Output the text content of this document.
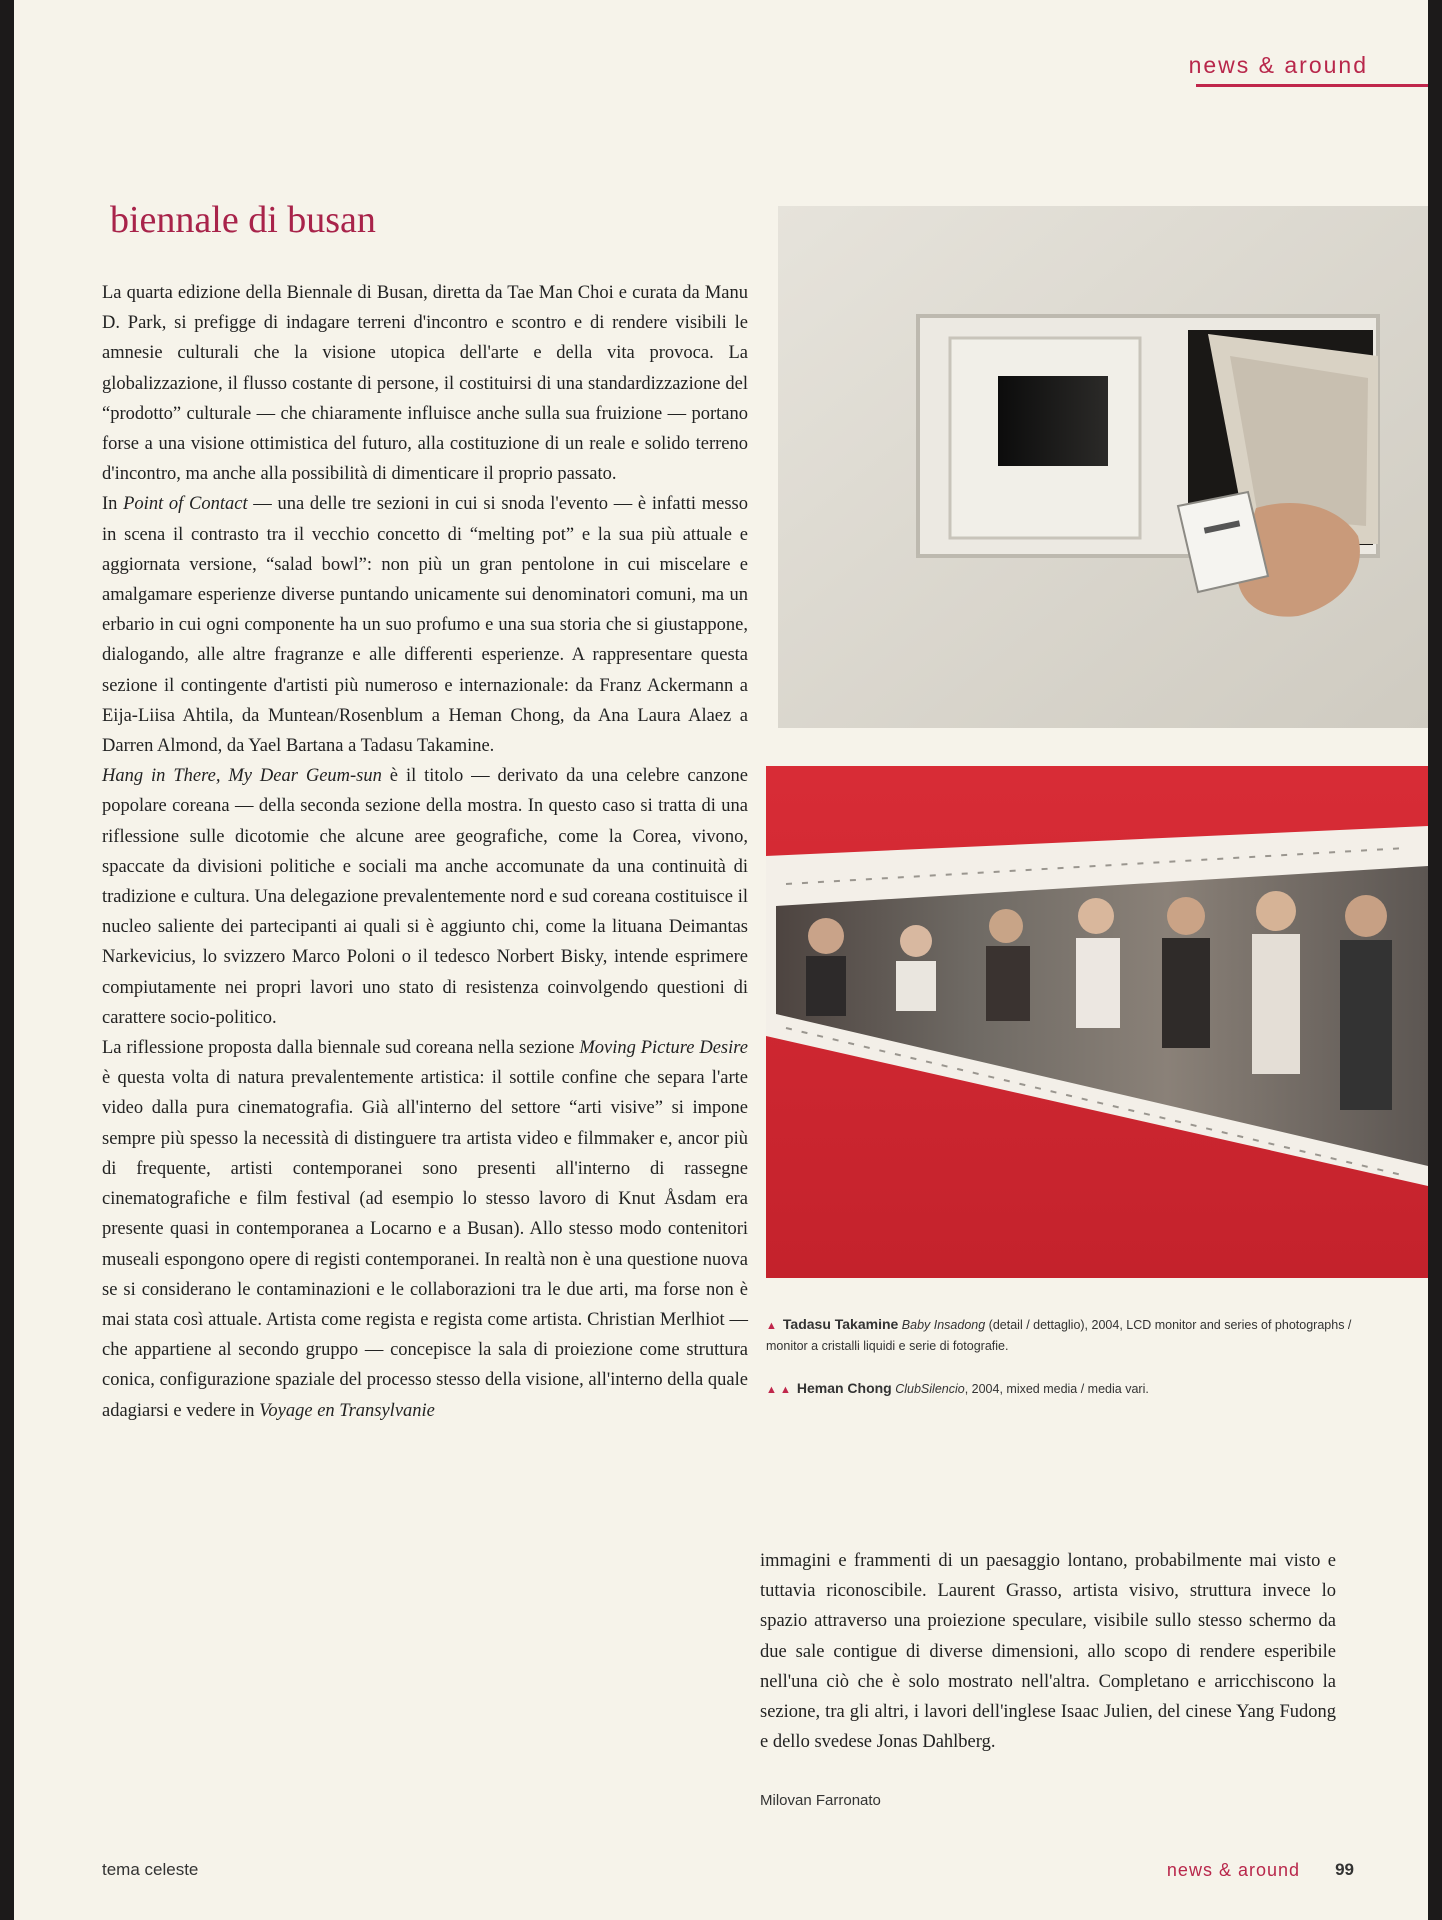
news & around
biennale di busan

La quarta edizione della Biennale di Busan, diretta da Tae Man Choi e curata da Manu D. Park, si prefigge di indagare terreni d'incontro e scontro e di rendere visibili le amnesie culturali che la visione utopica dell'arte e della vita provoca. La globalizzazione, il flusso costante di persone, il costituirsi di una standardizzazione del “prodotto” culturale — che chiaramente influisce anche sulla sua fruizione — portano forse a una visione ottimistica del futuro, alla costituzione di un reale e solido terreno d'incontro, ma anche alla possibilità di dimenticare il proprio passato.

In Point of Contact — una delle tre sezioni in cui si snoda l'evento — è infatti messo in scena il contrasto tra il vecchio concetto di “melting pot” e la sua più attuale e aggiornata versione, “salad bowl”: non più un gran pentolone in cui miscelare e amalgamare esperienze diverse puntando unicamente sui denominatori comuni, ma un erbario in cui ogni componente ha un suo profumo e una sua storia che si giustappone, dialogando, alle altre fragranze e alle differenti esperienze. A rappresentare questa sezione il contingente d'artisti più numeroso e internazionale: da Franz Ackermann a Eija-Liisa Ahtila, da Muntean/Rosenblum a Heman Chong, da Ana Laura Alaez a Darren Almond, da Yael Bartana a Tadasu Takamine.

Hang in There, My Dear Geum-sun è il titolo — derivato da una celebre canzone popolare coreana — della seconda sezione della mostra. In questo caso si tratta di una riflessione sulle dicotomie che alcune aree geografiche, come la Corea, vivono, spaccate da divisioni politiche e sociali ma anche accomunate da una continuità di tradizione e cultura. Una delegazione prevalentemente nord e sud coreana costituisce il nucleo saliente dei partecipanti ai quali si è aggiunto chi, come la lituana Deimantas Narkevicius, lo svizzero Marco Poloni o il tedesco Norbert Bisky, intende esprimere compiutamente nei propri lavori uno stato di resistenza coinvolgendo questioni di carattere socio-politico.

La riflessione proposta dalla biennale sud coreana nella sezione Moving Picture Desire è questa volta di natura prevalentemente artistica: il sottile confine che separa l'arte video dalla pura cinematografia. Già all'interno del settore “arti visive” si impone sempre più spesso la necessità di distinguere tra artista video e filmmaker e, ancor più di frequente, artisti contemporanei sono presenti all'interno di rassegne cinematografiche e film festival (ad esempio lo stesso lavoro di Knut Åsdam era presente quasi in contemporanea a Locarno e a Busan). Allo stesso modo contenitori museali espongono opere di registi contemporanei. In realtà non è una questione nuova se si considerano le contaminazioni e le collaborazioni tra le due arti, ma forse non è mai stata così attuale. Artista come regista e regista come artista. Christian Merlhiot — che appartiene al secondo gruppo — concepisce la sala di proiezione come struttura conica, configurazione spaziale del processo stesso della visione, all'interno della quale adagiarsi e vedere in Voyage en Transylvanie

▲ Tadasu Takamine Baby Insadong (detail / dettaglio), 2004, LCD monitor and series of photographs / monitor a cristalli liquidi e serie di fotografie.
▲ ▲ Heman Chong ClubSilencio, 2004, mixed media / media vari.

immagini e frammenti di un paesaggio lontano, probabilmente mai visto e tuttavia riconoscibile. Laurent Grasso, artista visivo, struttura invece lo spazio attraverso una proiezione speculare, visibile sullo stesso schermo da due sale contigue di diverse dimensioni, allo scopo di rendere esperibile nell'una ciò che è solo mostrato nell'altra. Completano e arricchiscono la sezione, tra gli altri, i lavori dell'inglese Isaac Julien, del cinese Yang Fudong e dello svedese Jonas Dahlberg.

Milovan Farronato
tema celeste	news & around 99
